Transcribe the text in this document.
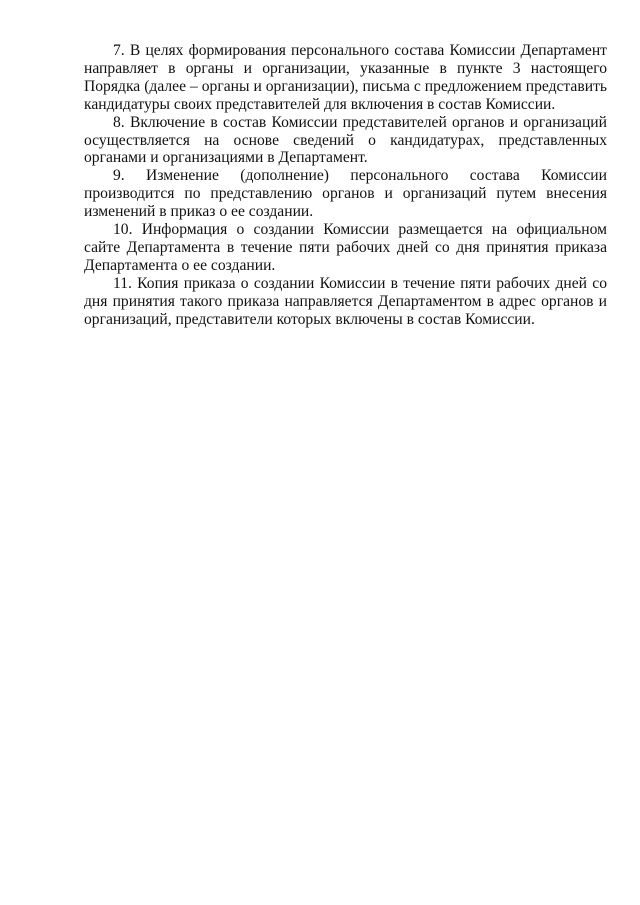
7. В целях формирования персонального состава Комиссии Департамент направляет в органы и организации, указанные в пункте 3 настоящего Порядка (далее – органы и организации), письма с предложением представить кандидатуры своих представителей для включения в состав Комиссии.

8. Включение в состав Комиссии представителей органов и организаций осуществляется на основе сведений о кандидатурах, представленных органами и организациями в Департамент.

9. Изменение (дополнение) персонального состава Комиссии производится по представлению органов и организаций путем внесения изменений в приказ о ее создании.

10. Информация о создании Комиссии размещается на официальном сайте Департамента в течение пяти рабочих дней со дня принятия приказа Департамента о ее создании.

11. Копия приказа о создании Комиссии в течение пяти рабочих дней со дня принятия такого приказа направляется Департаментом в адрес органов и организаций, представители которых включены в состав Комиссии.
